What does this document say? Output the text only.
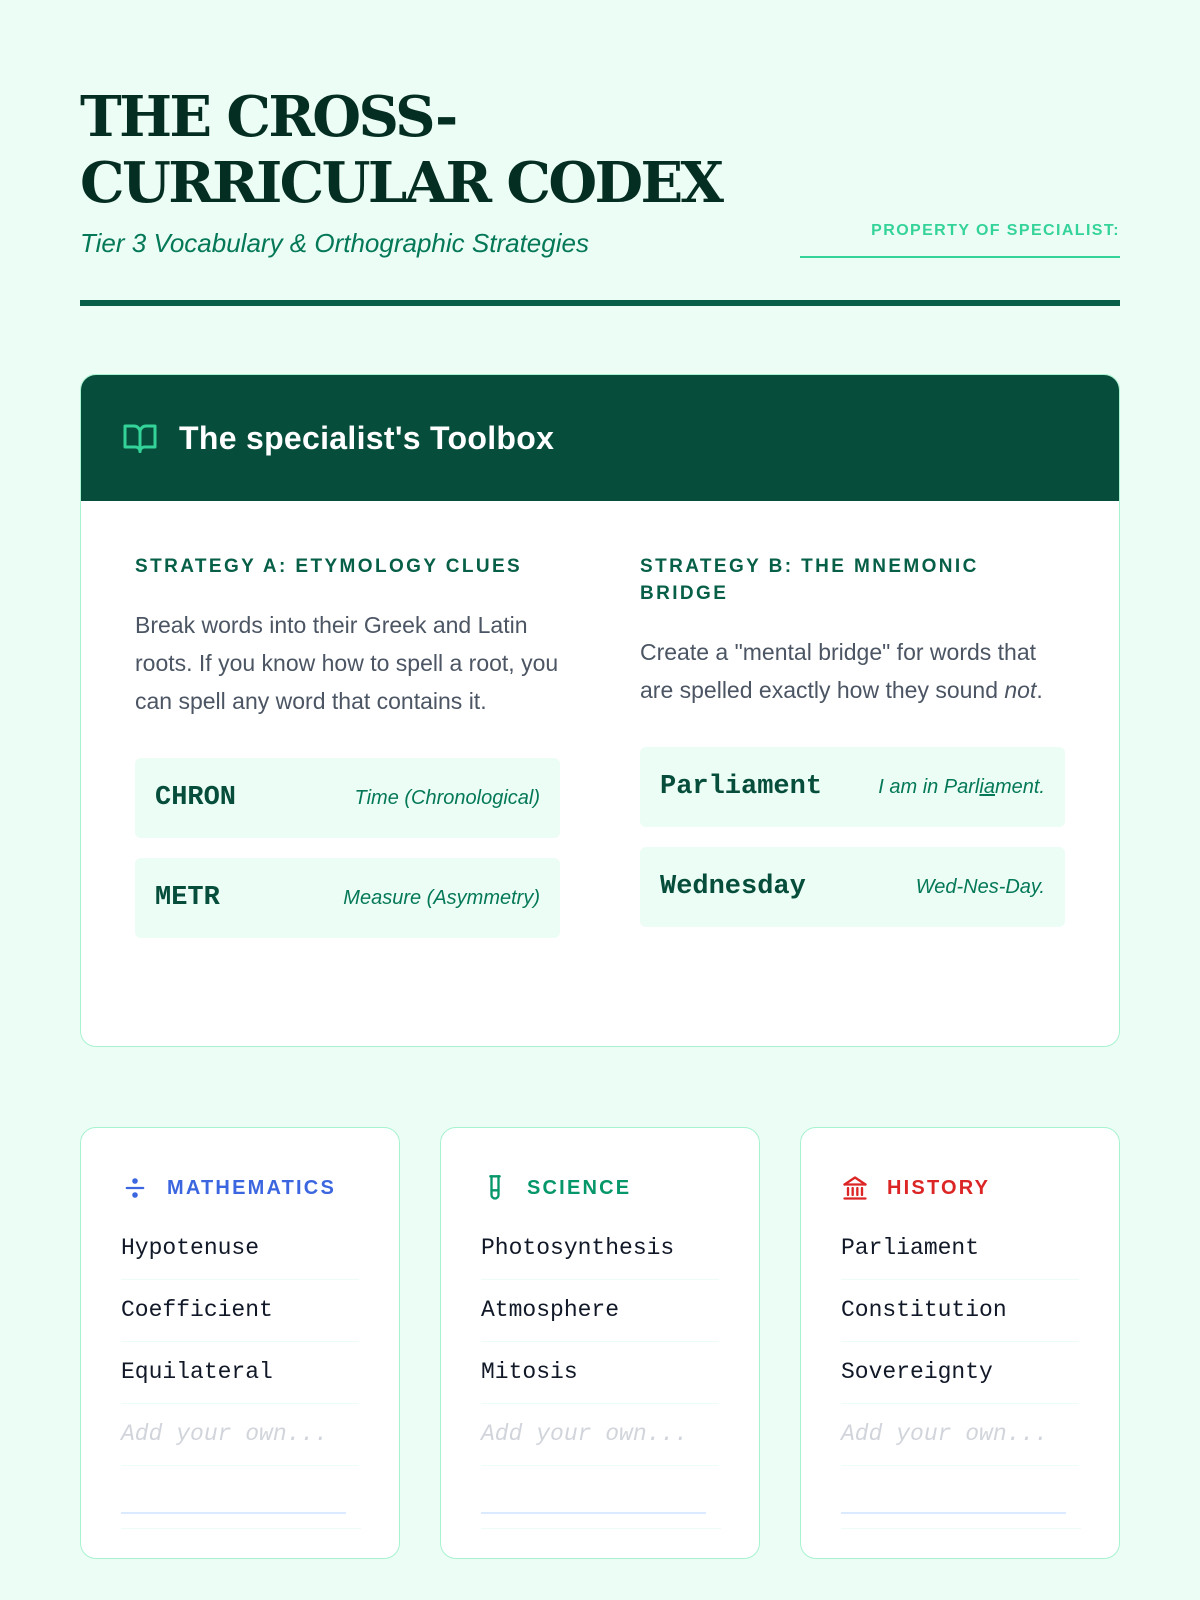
THE CROSS-CURRICULAR CODEX
Tier 3 Vocabulary & Orthographic Strategies	PROPERTY OF SPECIALIST:
The specialist's Toolbox
STRATEGY A: ETYMOLOGY CLUES

Break words into their Greek and Latin roots. If you know how to spell a root, you can spell any word that contains it.

CHRON	Time (Chronological)
METR	Measure (Asymmetry)
STRATEGY B: THE MNEMONIC BRIDGE

Create a "mental bridge" for words that are spelled exactly how they sound not.

Parliament	I am in Parliament.
Wednesday	Wed-Nes-Day.
MATHEMATICS
Hypotenuse
Coefficient
Equilateral
Add your own...
SCIENCE
Photosynthesis
Atmosphere
Mitosis
Add your own...
HISTORY
Parliament
Constitution
Sovereignty
Add your own...
